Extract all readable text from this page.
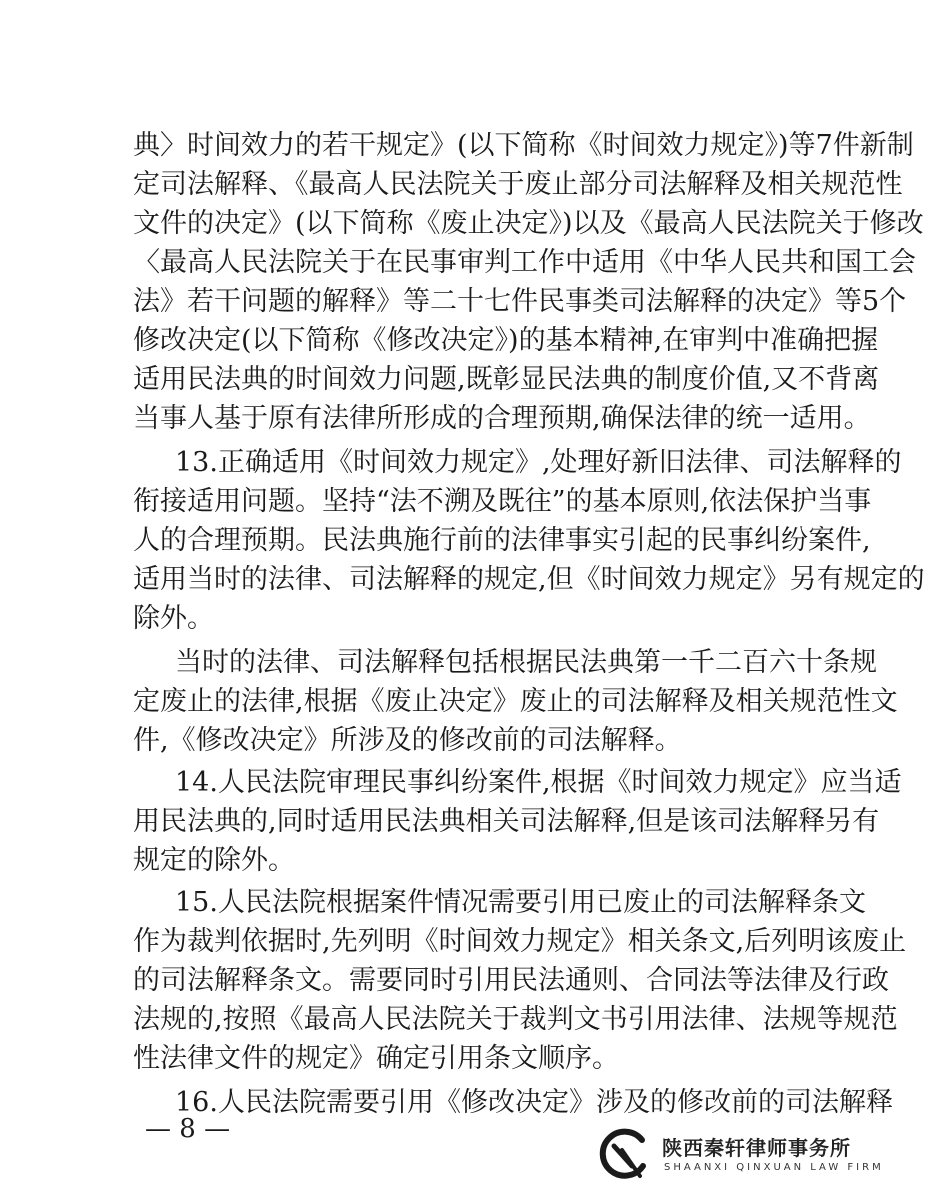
典〉时间效力的若干规定》(以下简称《时间效力规定》)等7件新制
定司法解释、《最高人民法院关于废止部分司法解释及相关规范性
文件的决定》(以下简称《废止决定》)以及《最高人民法院关于修改
〈最高人民法院关于在民事审判工作中适用《中华人民共和国工会
法》若干问题的解释》等二十七件民事类司法解释的决定》等5个
修改决定(以下简称《修改决定》)的基本精神,在审判中准确把握
适用民法典的时间效力问题,既彰显民法典的制度价值,又不背离
当事人基于原有法律所形成的合理预期,确保法律的统一适用。
13.正确适用《时间效力规定》,处理好新旧法律、司法解释的
衔接适用问题。坚持“法不溯及既往”的基本原则,依法保护当事
人的合理预期。民法典施行前的法律事实引起的民事纠纷案件,
适用当时的法律、司法解释的规定,但《时间效力规定》另有规定的
除外。
当时的法律、司法解释包括根据民法典第一千二百六十条规
定废止的法律,根据《废止决定》废止的司法解释及相关规范性文
件,《修改决定》所涉及的修改前的司法解释。
14.人民法院审理民事纠纷案件,根据《时间效力规定》应当适
用民法典的,同时适用民法典相关司法解释,但是该司法解释另有
规定的除外。
15.人民法院根据案件情况需要引用已废止的司法解释条文
作为裁判依据时,先列明《时间效力规定》相关条文,后列明该废止
的司法解释条文。需要同时引用民法通则、合同法等法律及行政
法规的,按照《最高人民法院关于裁判文书引用法律、法规等规范
性法律文件的规定》确定引用条文顺序。
16.人民法院需要引用《修改决定》涉及的修改前的司法解释
— 8 —
陕西秦轩律师事务所
SHAANXI QINXUAN LAW FIRM
